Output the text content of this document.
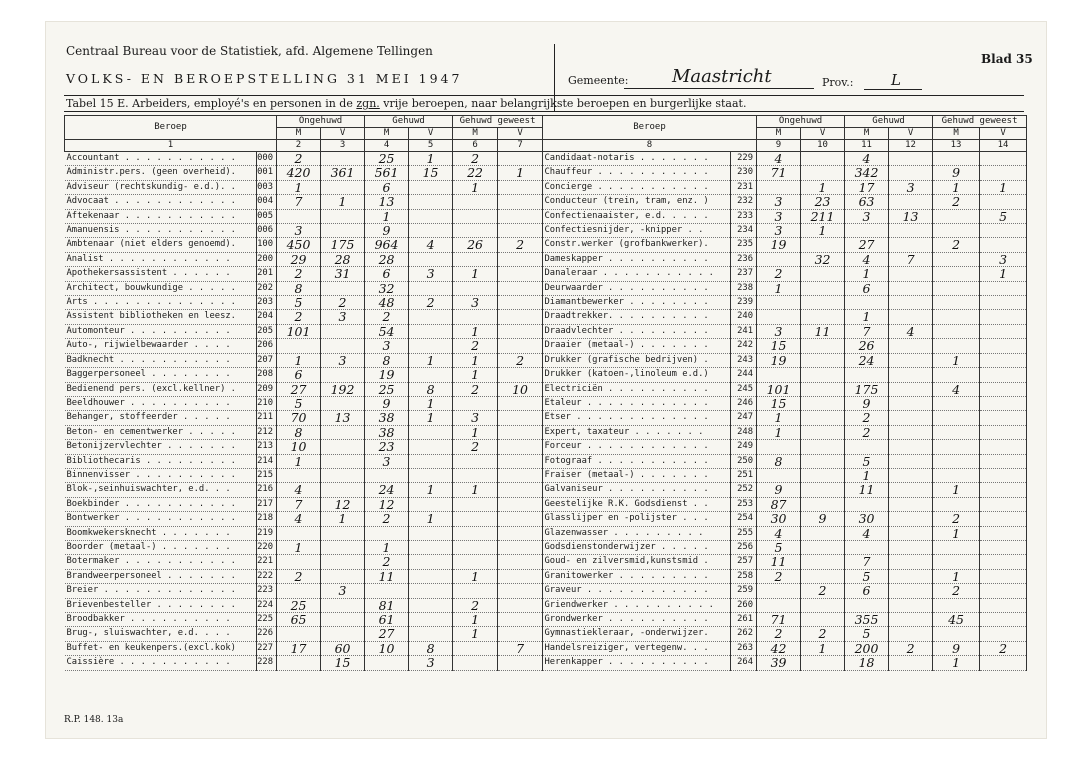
Centraal Bureau voor de Statistiek, afd. Algemene Tellingen
VOLKS- EN BEROEPSTELLING 31 MEI 1947	Gemeente: Maastricht	Prov.:	L
Blad 35
Tabel 15 E. Arbeiders, employé's en personen in de zgn. vrije beroepen, naar belangrijkste beroepen en burgerlijke staat.
Beroep		Ongehuwd		Gehuwd		Gehuwd geweest	
		M	V	M	V	M	V
1		2	3	4	5	6	7
Accountant . . . . . . . . . . .	000	2		25	1	2	
Administr.pers. (geen overheid).	001	420	361	561	15	22	1
Adviseur (rechtskundig- e.d.). .	003	1		6		1	
Advocaat . . . . . . . . . . . .	004	7	1	13			
Aftekenaar . . . . . . . . . . .	005			1			
Amanuensis . . . . . . . . . . .	006	3		9			
Ambtenaar (niet elders genoemd).	100	450	175	964	4	26	2
Analist . . . . . . . . . . . .	200	29	28	28			
Apothekersassistent . . . . . .	201	2	31	6	3	1	
Architect, bouwkundige . . . . .	202	8		32			
Arts . . . . . . . . . . . . . .	203	5	2	48	2	3	
Assistent bibliotheken en leesz.	204	2	3	2			
Automonteur . . . . . . . . . .	205	101		54		1	
Auto-, rijwielbewaarder . . . .	206			3		2	
Badknecht . . . . . . . . . . .	207	1	3	8	1	1	2
Baggerpersoneel . . . . . . . .	208	6		19		1	
Bedienend pers. (excl.kellner) .	209	27	192	25	8	2	10
Beeldhouwer . . . . . . . . . .	210	5		9	1		
Behanger, stoffeerder . . . . .	211	70	13	38	1	3	
Beton- en cementwerker . . . . .	212	8		38		1	
Betonijzervlechter . . . . . . .	213	10		23		2	
Bibliothecaris . . . . . . . . .	214	1		3			
Binnenvisser . . . . . . . . . .	215						
Blok-,seinhuiswachter, e.d. . .	216	4		24	1	1	
Boekbinder . . . . . . . . . . .	217	7	12	12			
Bontwerker . . . . . . . . . . .	218	4	1	2	1		
Boomkwekersknecht . . . . . . .	219						
Boorder (metaal-) . . . . . . .	220	1		1			
Botermaker . . . . . . . . . . .	221			2			
Brandweerpersoneel . . . . . . .	222	2		11		1	
Breier . . . . . . . . . . . . .	223		3				
Brievenbesteller . . . . . . . .	224	25		81		2	
Broodbakker . . . . . . . . . .	225	65		61		1	
Brug-, sluiswachter, e.d. . . .	226			27		1	
Buffet- en keukenpers.(excl.kok)	227	17	60	10	8		7
Caissière . . . . . . . . . . .	228		15		3		
Beroep		Ongehuwd		Gehuwd		Gehuwd geweest	
		M	V	M	V	M	V
8		9	10	11	12	13	14
Candidaat-notaris . . . . . . .	229	4		4			
Chauffeur . . . . . . . . . . .	230	71		342		9	
Concierge . . . . . . . . . . .	231		1	17	3	1	1
Conducteur (trein, tram, enz. )	232	3	23	63		2	
Confectienaaister, e.d. . . . .	233	3	211	3	13		5
Confectiesnijder, -knipper . .	234	3	1				
Constr.werker (grofbankwerker).	235	19		27		2	
Dameskapper . . . . . . . . . .	236		32	4	7		3
Danaleraar . . . . . . . . . . .	237	2		1			1
Deurwaarder . . . . . . . . . .	238	1		6			
Diamantbewerker . . . . . . . .	239						
Draadtrekker. . . . . . . . . .	240			1			
Draadvlechter . . . . . . . . .	241	3	11	7	4		
Draaier (metaal-) . . . . . . .	242	15		26			
Drukker (grafische bedrijven) .	243	19		24		1	
Drukker (katoen-,linoleum e.d.)	244						
Electriciën . . . . . . . . . .	245	101		175		4	
Etaleur . . . . . . . . . . . .	246	15		9			
Etser . . . . . . . . . . . . .	247	1		2			
Expert, taxateur . . . . . . .	248	1		2			
Forceur . . . . . . . . . . . .	249						
Fotograaf . . . . . . . . . . .	250	8		5			
Fraiser (metaal-) . . . . . . .	251			1			
Galvaniseur . . . . . . . . . .	252	9		11		1	
Geestelijke R.K. Godsdienst . .	253	87					
Glasslijper en -polijster . . .	254	30	9	30		2	
Glazenwasser . . . . . . . . .	255	4		4		1	
Godsdienstonderwijzer . . . . .	256	5					
Goud- en zilversmid,kunstsmid .	257	11		7			
Granitowerker . . . . . . . . .	258	2		5		1	
Graveur . . . . . . . . . . . .	259		2	6		2	
Griendwerker . . . . . . . . . .	260						
Grondwerker . . . . . . . . . .	261	71		355		45	
Gymnastiekleraar, -onderwijzer.	262	2	2	5			
Handelsreiziger, vertegenw. . .	263	42	1	200	2	9	2
Herenkapper . . . . . . . . . .	264	39		18		1	
R.P. 148. 13a
